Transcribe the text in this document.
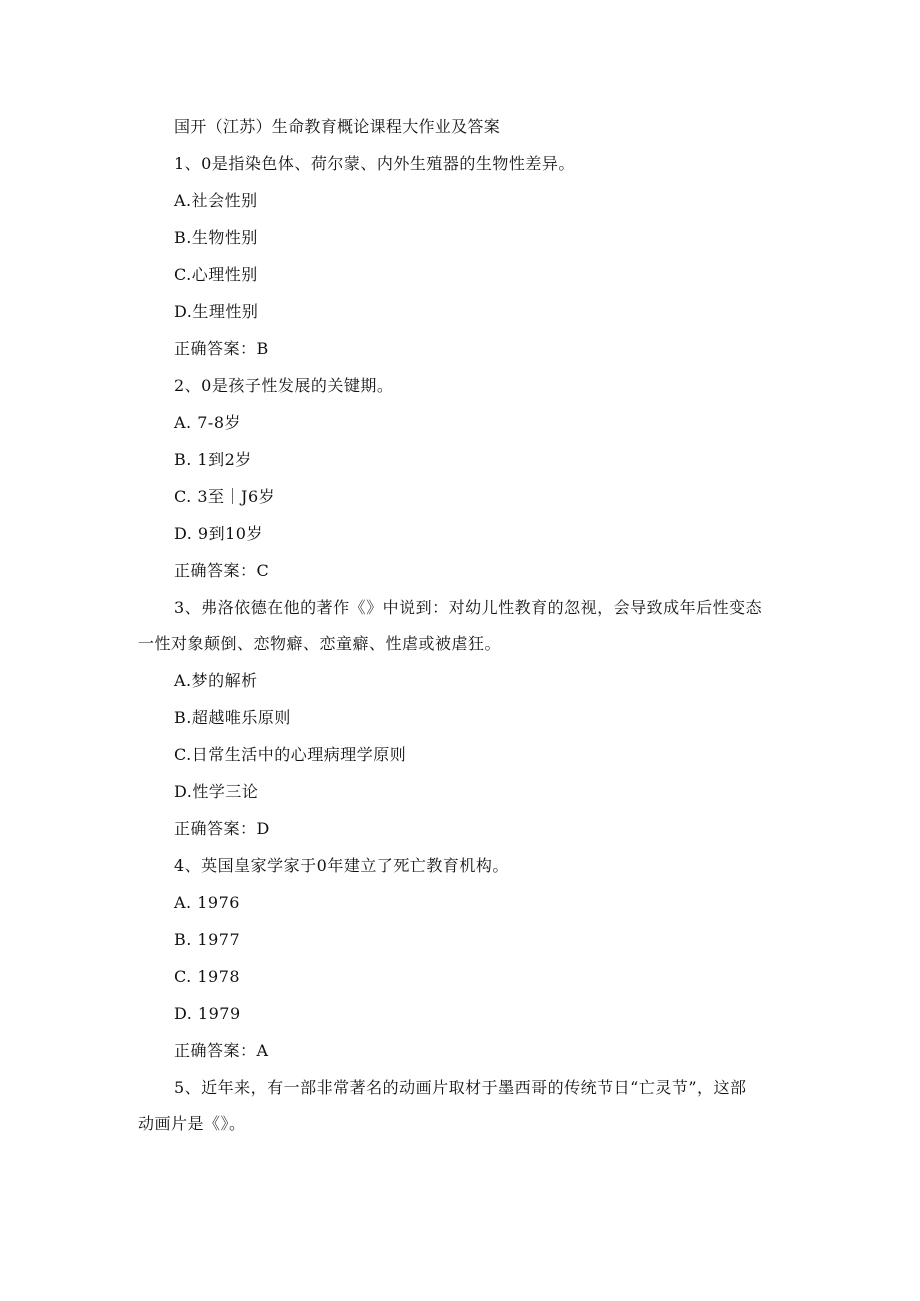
国开（江苏）生命教育概论课程大作业及答案
1、0是指染色体、荷尔蒙、内外生殖器的生物性差异。
A.社会性别
B.生物性别
C.心理性别
D.生理性别
正确答案：B
2、0是孩子性发展的关键期。
A. 7-8岁
B. 1到2岁
C. 3至｜J6岁
D. 9到10岁
正确答案：C
3、弗洛依德在他的著作《》中说到：对幼儿性教育的忽视，会导致成年后性变态
一性对象颠倒、恋物癖、恋童癖、性虐或被虐狂。
A.梦的解析
B.超越唯乐原则
C.日常生活中的心理病理学原则
D.性学三论
正确答案：D
4、英国皇家学家于0年建立了死亡教育机构。
A. 1976
B. 1977
C. 1978
D. 1979
正确答案：A
5、近年来，有一部非常著名的动画片取材于墨西哥的传统节日“亡灵节”，这部
动画片是《》。
